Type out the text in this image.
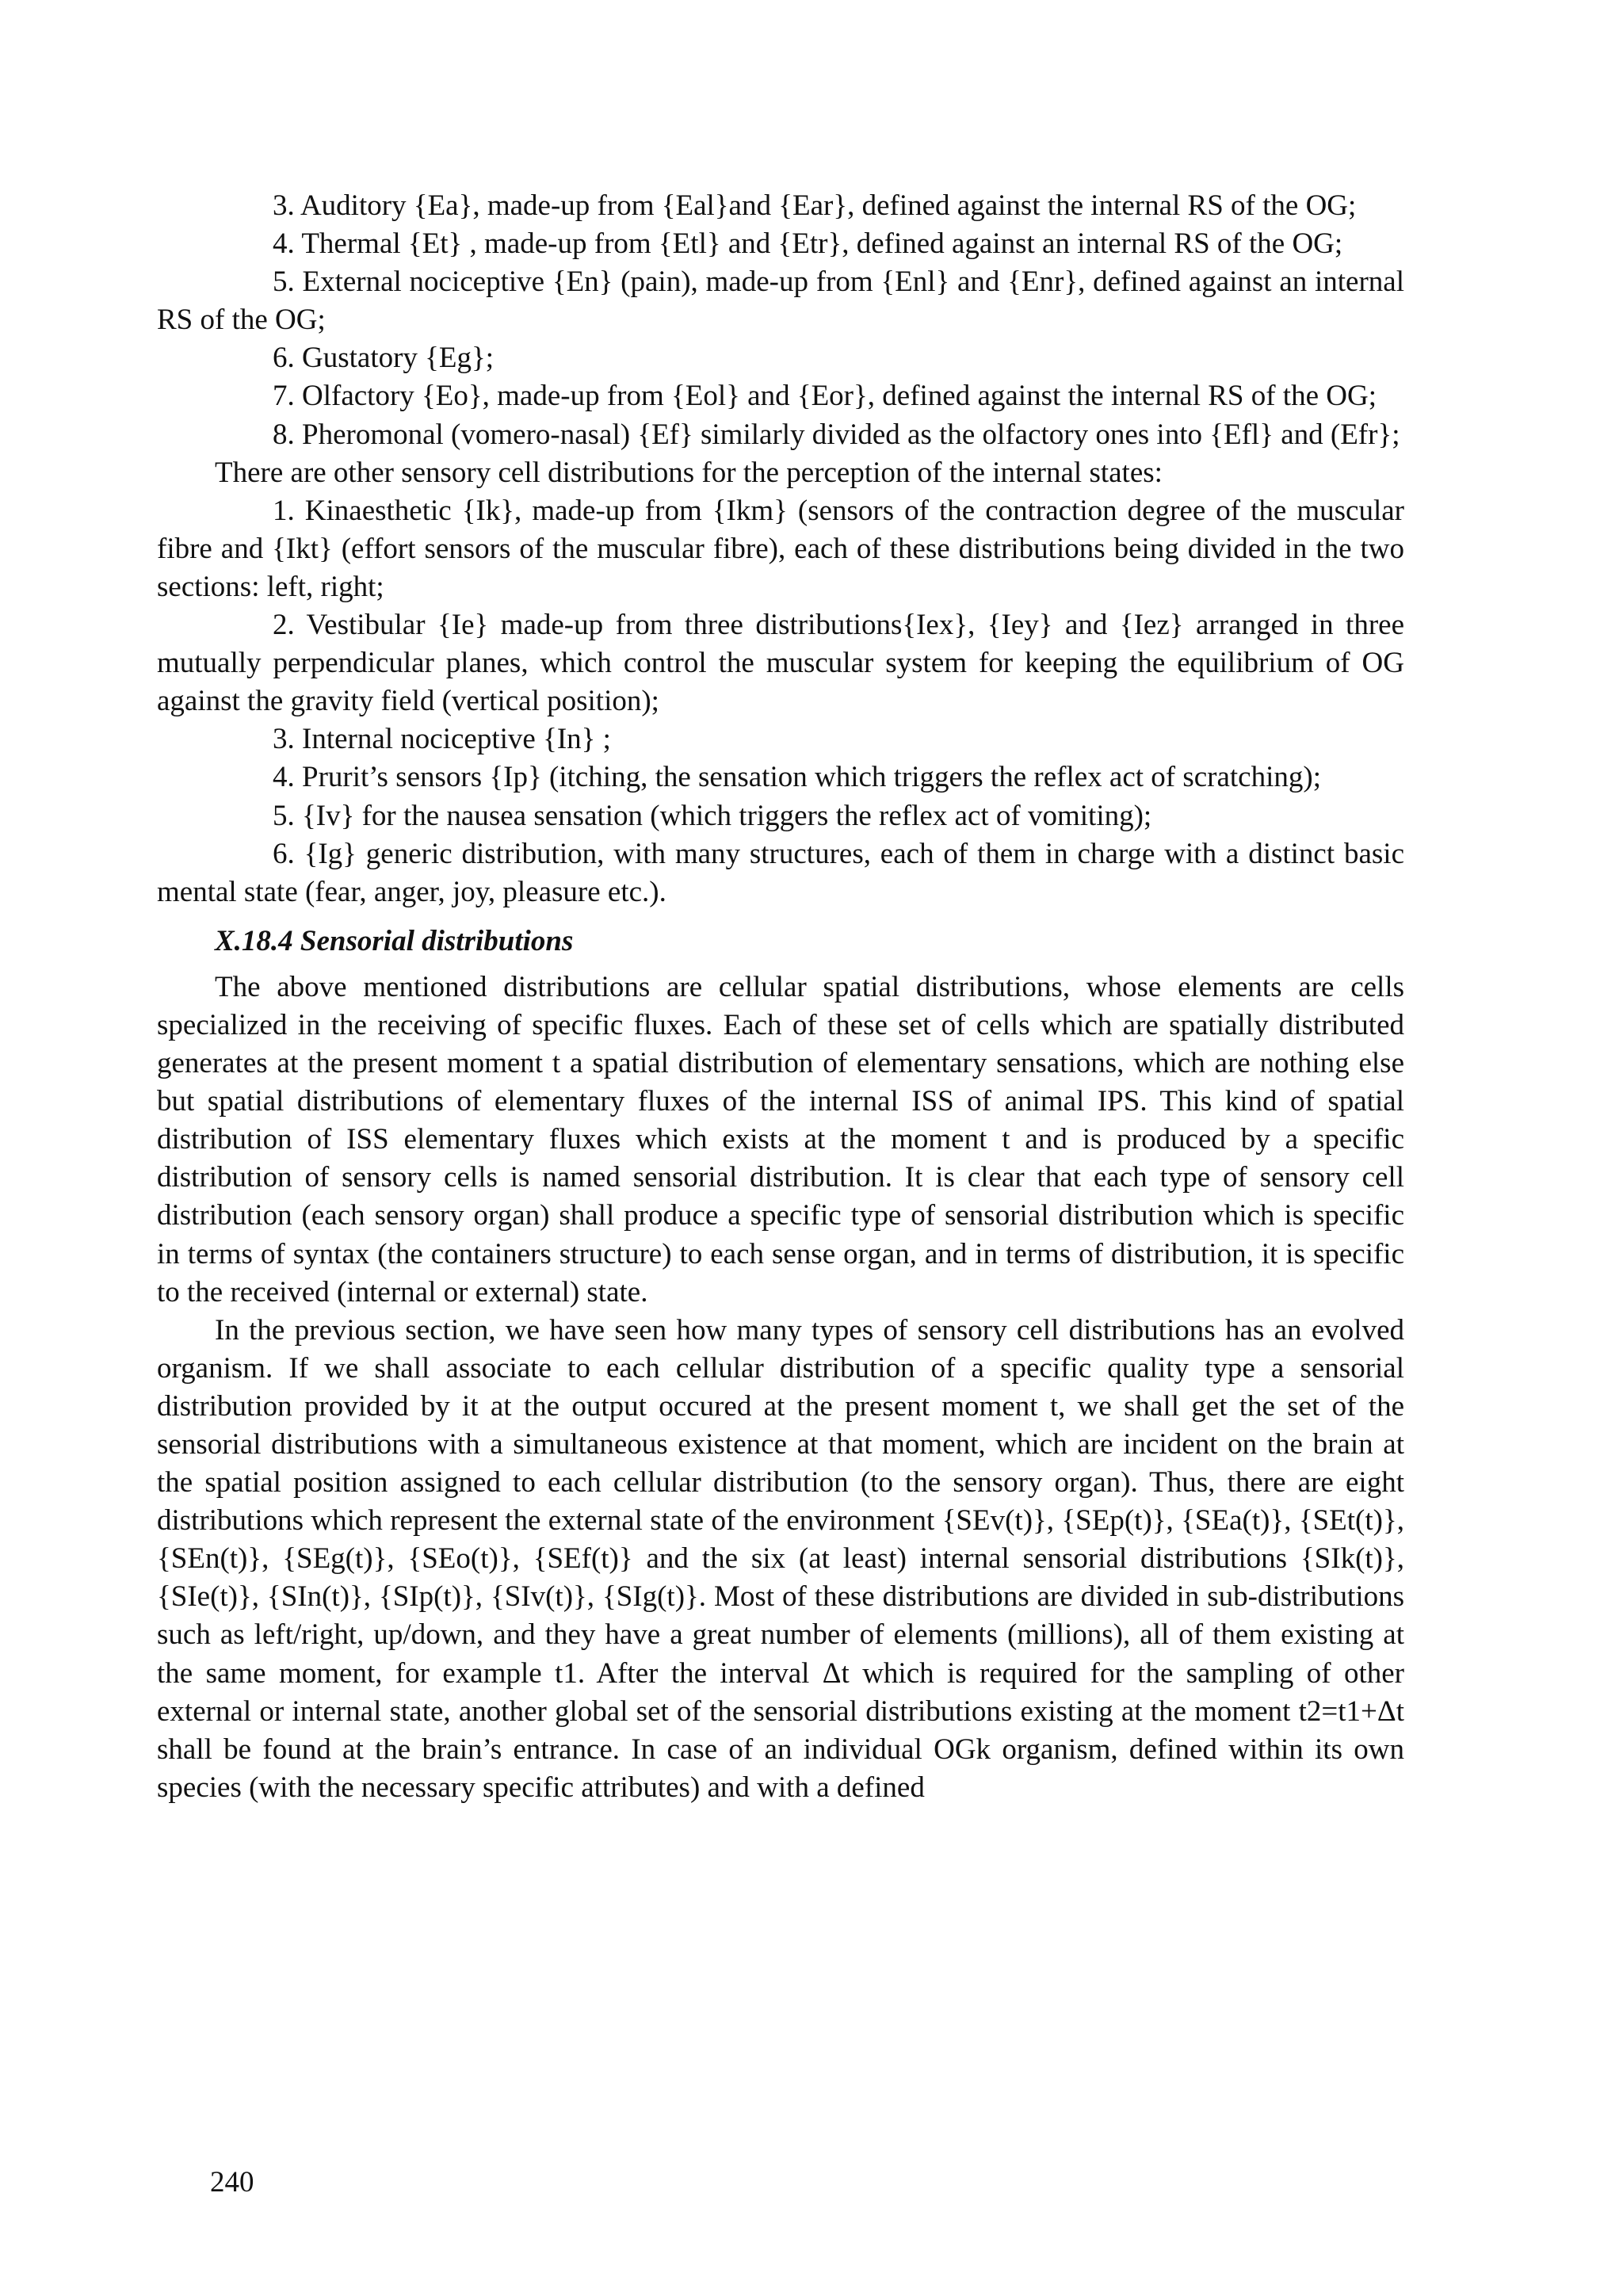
3. Auditory {Ea}, made-up from {Eal}and {Ear}, defined against the internal RS of the OG;

4. Thermal {Et} , made-up from {Etl} and {Etr}, defined against an internal RS of the OG;

5. External nociceptive {En} (pain), made-up from {Enl} and {Enr}, defined against an internal RS of the OG;

6. Gustatory {Eg};

7. Olfactory {Eo}, made-up from {Eol} and {Eor}, defined against the internal RS of the OG;

8. Pheromonal (vomero-nasal) {Ef} similarly divided as the olfactory ones into {Efl} and (Efr};

There are other sensory cell distributions for the perception of the internal states:

1. Kinaesthetic {Ik}, made-up from {Ikm} (sensors of the contraction degree of the muscular fibre and {Ikt} (effort sensors of the muscular fibre), each of these distributions being divided in the two sections: left, right;

2. Vestibular {Ie} made-up from three distributions{Iex}, {Iey} and {Iez} arranged in three mutually perpendicular planes, which control the muscular system for keeping the equilibrium of OG against the gravity field (vertical position);

3. Internal nociceptive {In} ;

4. Prurit’s sensors {Ip} (itching, the sensation which triggers the reflex act of scratching);

5. {Iv} for the nausea sensation (which triggers the reflex act of vomiting);

6. {Ig} generic distribution, with many structures, each of them in charge with a distinct basic mental state (fear, anger, joy, pleasure etc.).

X.18.4 Sensorial distributions

The above mentioned distributions are cellular spatial distributions, whose elements are cells specialized in the receiving of specific fluxes. Each of these set of cells which are spatially distributed generates at the present moment t a spatial distribution of elementary sensations, which are nothing else but spatial distributions of elementary fluxes of the internal ISS of animal IPS. This kind of spatial distribution of ISS elementary fluxes which exists at the moment t and is produced by a specific distribution of sensory cells is named sensorial distribution. It is clear that each type of sensory cell distribution (each sensory organ) shall produce a specific type of sensorial distribution which is specific in terms of syntax (the containers structure) to each sense organ, and in terms of distribution, it is specific to the received (internal or external) state.

In the previous section, we have seen how many types of sensory cell distributions has an evolved organism. If we shall associate to each cellular distribution of a specific quality type a sensorial distribution provided by it at the output occured at the present moment t, we shall get the set of the sensorial distributions with a simultaneous existence at that moment, which are incident on the brain at the spatial position assigned to each cellular distribution (to the sensory organ). Thus, there are eight distributions which represent the external state of the environment {SEv(t)}, {SEp(t)}, {SEa(t)}, {SEt(t)}, {SEn(t)}, {SEg(t)}, {SEo(t)}, {SEf(t)} and the six (at least) internal sensorial distributions {SIk(t)}, {SIe(t)}, {SIn(t)}, {SIp(t)}, {SIv(t)}, {SIg(t)}. Most of these distributions are divided in sub-distributions such as left/right, up/down, and they have a great number of elements (millions), all of them existing at the same moment, for example t1. After the interval Δt which is required for the sampling of other external or internal state, another global set of the sensorial distributions existing at the moment t2=t1+Δt shall be found at the brain’s entrance. In case of an individual OGk organism, defined within its own species (with the necessary specific attributes) and with a defined

240
